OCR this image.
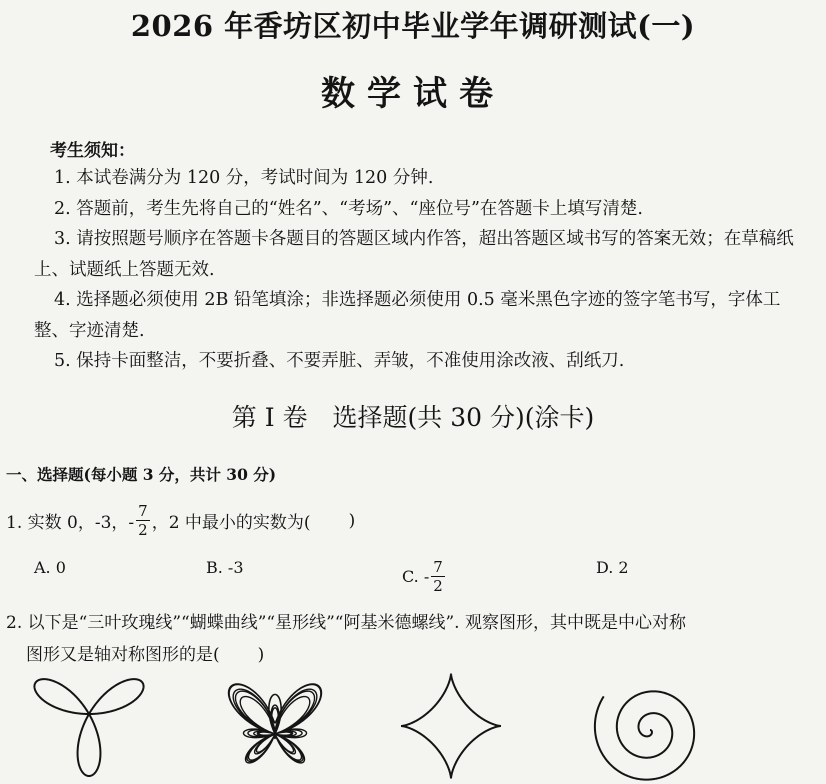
2026 年香坊区初中毕业学年调研测试(一)
数学试卷
考生须知：
1. 本试卷满分为 120 分，考试时间为 120 分钟.
2. 答题前，考生先将自己的“姓名”、“考场”、“座位号”在答题卡上填写清楚.
3. 请按照题号顺序在答题卡各题目的答题区域内作答，超出答题区域书写的答案无效；在草稿纸上、试题纸上答题无效.
4. 选择题必须使用 2B 铅笔填涂；非选择题必须使用 0.5 毫米黑色字迹的签字笔书写，字体工整、字迹清楚.
5. 保持卡面整洁，不要折叠、不要弄脏、弄皱，不准使用涂改液、刮纸刀.
第 I 卷　选择题(共 30 分)(涂卡)
一、选择题(每小题 3 分，共计 30 分)
1. 实数 0，-3，- $\frac{7}{2}$ ，2 中最小的实数为( )
A. 0	B. -3	C. - $\frac{7}{2}$	D. 2
2. 以下是“三叶玫瑰线”“蝴蝶曲线”“星形线”“阿基米德螺线”. 观察图形，其中既是中心对称
图形又是轴对称图形的是( )
